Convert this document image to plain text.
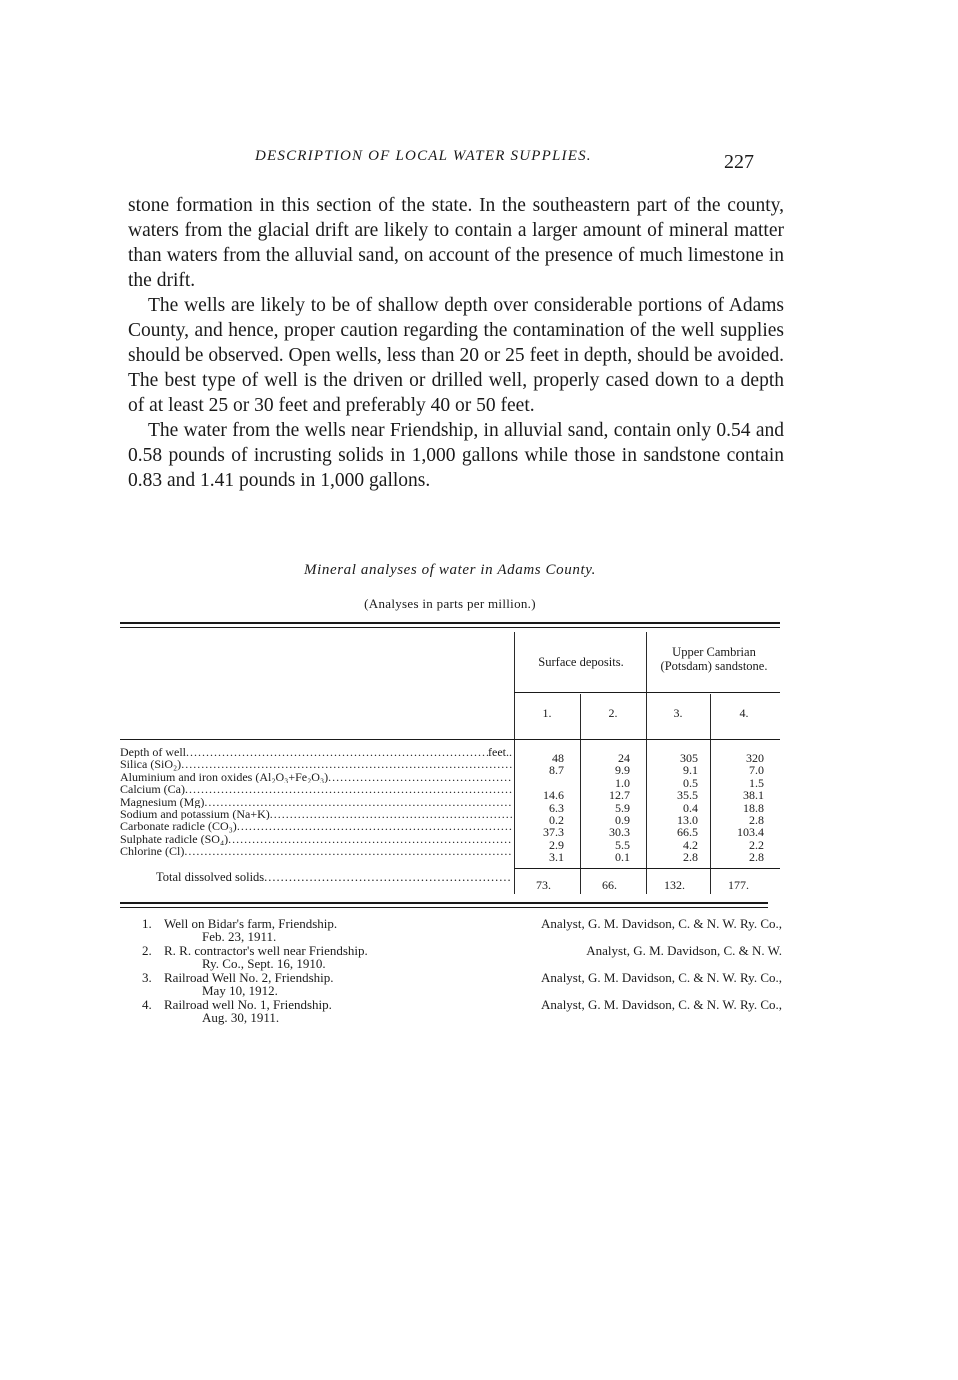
DESCRIPTION OF LOCAL WATER SUPPLIES.	227

stone formation in this section of the state. In the southeastern part of the county, waters from the glacial drift are likely to contain a larger amount of mineral matter than waters from the alluvial sand, on account of the presence of much limestone in the drift.

The wells are likely to be of shallow depth over considerable portions of Adams County, and hence, proper caution regarding the contamination of the well supplies should be observed. Open wells, less than 20 or 25 feet in depth, should be avoided. The best type of well is the driven or drilled well, properly cased down to a depth of at least 25 or 30 feet and preferably 40 or 50 feet.

The water from the wells near Friendship, in alluvial sand, contain only 0.54 and 0.58 pounds of incrusting solids in 1,000 gallons while those in sandstone contain 0.83 and 1.41 pounds in 1,000 gallons.

Mineral analyses of water in Adams County.
(Analyses in parts per million.)
Surface deposits.
Upper Cambrian (Potsdam) sandstone.
1.	2.	3.	4.
Depth of well
.....	feet..
Silica (SiO₂)
.....
Aluminium and iron oxides (Al₂O₃+Fe₂O₃)
.....
Calcium (Ca)
.....
Magnesium (Mg)
.....
Sodium and potassium (Na+K)
.....
Carbonate radicle (CO₃)
.....
Sulphate radicle (SO₄)
.....
Chlorine (Cl)
.....
48
8.7
14.6
6.3
0.2
37.3
2.9
3.1
24
9.9
1.0
12.7
5.9
0.9
30.3
5.5
0.1
305
9.1
0.5
35.5
0.4
13.0
66.5
4.2
2.8
320
7.0
1.5
38.1
18.8
2.8
103.4
2.2
2.8
Total dissolved solids
.....
73.	66.	132.	177.
1. Well on Bidar's farm, Friendship.	Analyst, G. M. Davidson, C. & N. W. Ry. Co.,
Feb. 23, 1911.
2. R. R. contractor's well near Friendship.	Analyst, G. M. Davidson, C. & N. W.
Ry. Co., Sept. 16, 1910.
3. Railroad Well No. 2, Friendship.	Analyst, G. M. Davidson, C. & N. W. Ry. Co.,
May 10, 1912.
4. Railroad well No. 1, Friendship.	Analyst, G. M. Davidson, C. & N. W. Ry. Co.,
Aug. 30, 1911.
